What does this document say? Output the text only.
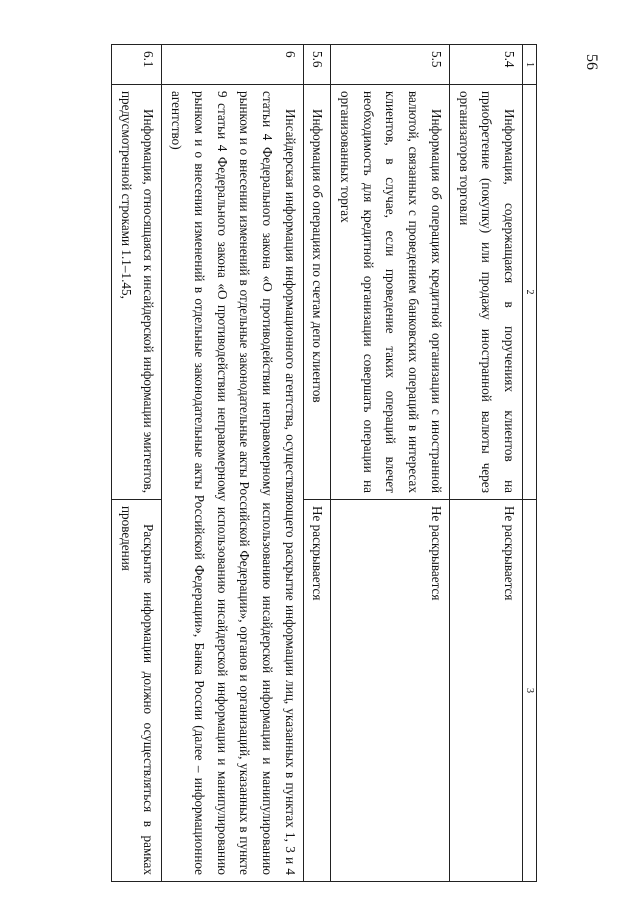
56
1	2	3
5.4	Информация, содержащаяся в поручениях клиентов на приобретение (покупку) или продажу иностранной валюты через организаторов торговли	Не раскрывается
5.5	Информация об операциях кредитной организации с иностранной валютой, связанных с проведением банковских операций в интересах клиентов, в случае, если проведение таких операций влечет необходимость для кредитной организации совершать операции на организованных торгах	Не раскрывается
5.6	Информация об операциях по счетам депо клиентов	Не раскрывается
6	Инсайдерская информация информационного агентства, осуществляющего раскрытие информации лиц, указанных в пунктах 1, 3 и 4 статьи 4 Федерального закона «О противодействии неправомерному использованию инсайдерской информации и манипулированию рынком и о внесении изменений в отдельные законодательные акты Российской Федерации», органов и организаций, указанных в пункте 9 статьи 4 Федерального закона «О противодействии неправомерному использованию инсайдерской информации и манипулированию рынком и о внесении изменений в отдельные законодательные акты Российской Федерации», Банка России (далее – информационное агентство)	
6.1	Информация, относящаяся к инсайдерской информации эмитентов, предусмотренной строками 1.1–1.45,	Раскрытие информации должно осуществляться в рамках проведения
